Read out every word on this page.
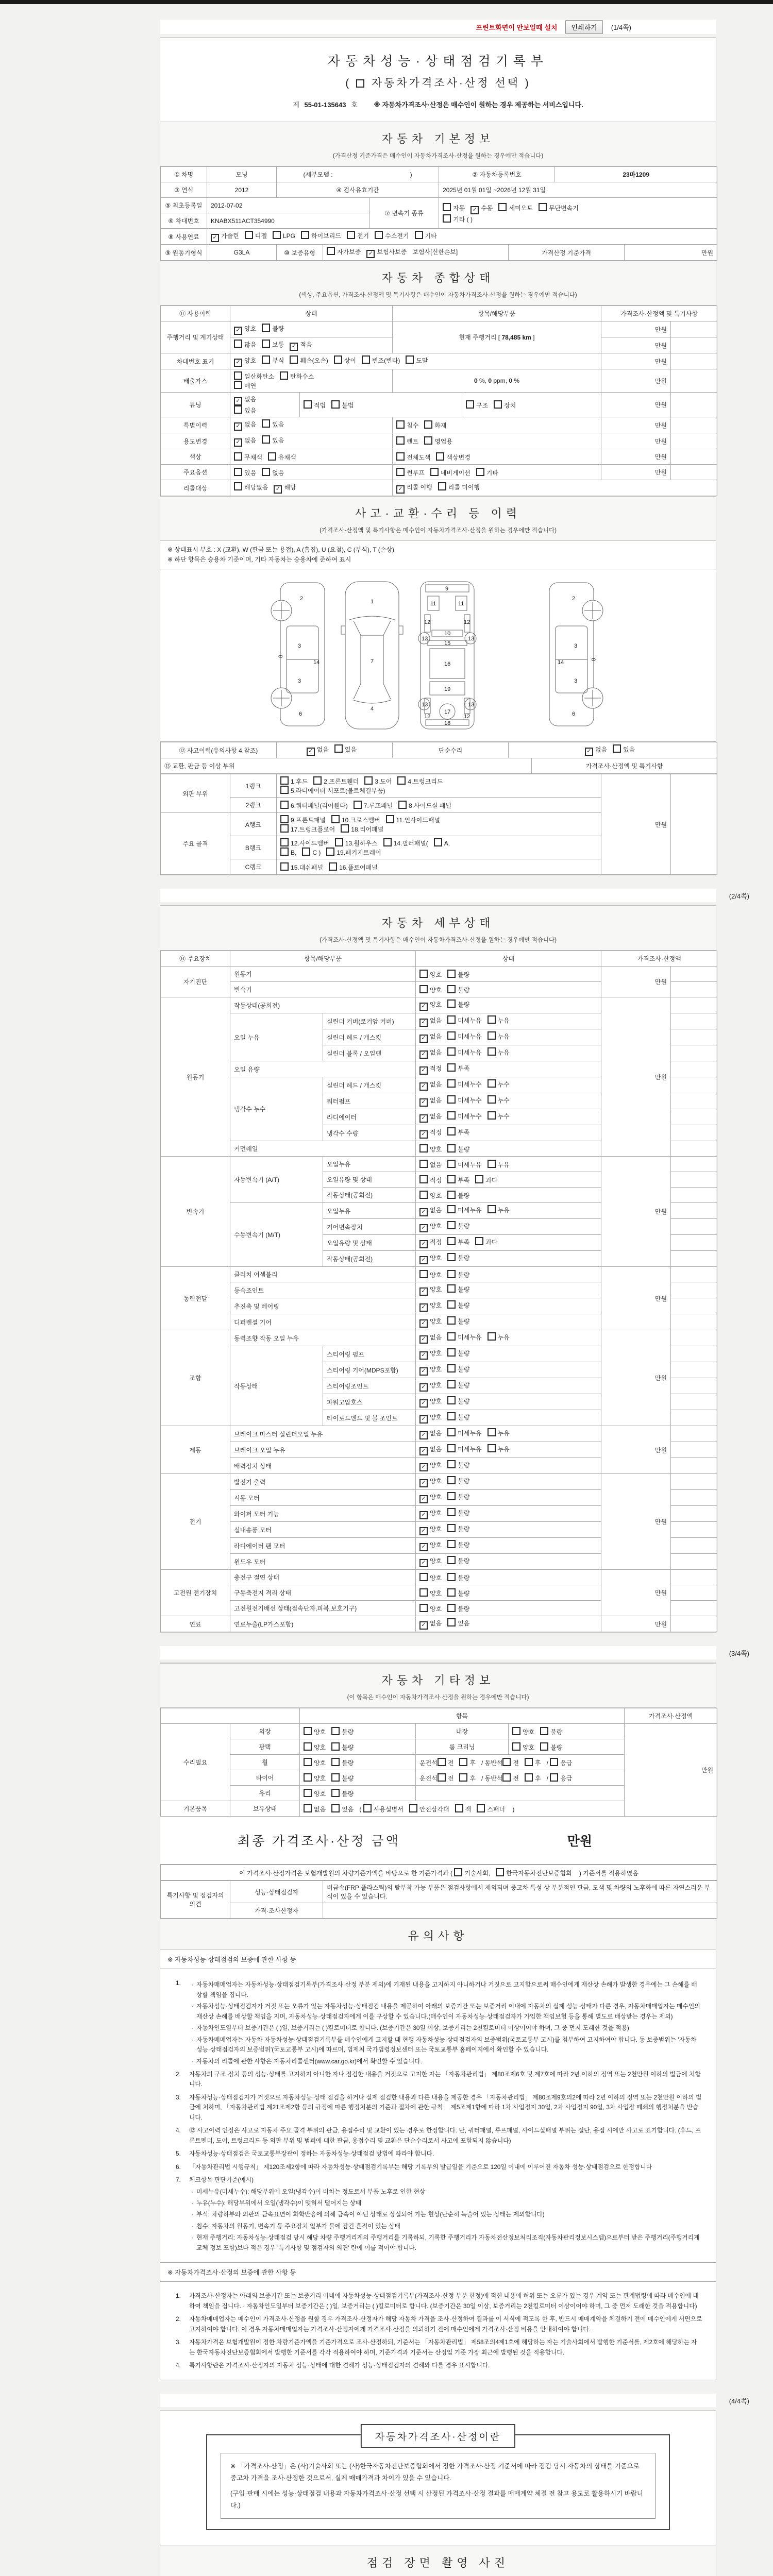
프린트화면이 안보일때 설치	인쇄하기	(1/4쪽)
자동차성능·상태점검기록부
( 자동차가격조사·산정 선택 )
제 55-01-135643 호 ※ 자동차가격조사·산정은 매수인이 원하는 경우 제공하는 서비스입니다.
자동차 기본정보
(가격산정 기준가격은 매수인이 자동차가격조사·산정을 원하는 경우에만 적습니다)
① 차명	모닝	(세부모델 : )			② 자동차등록번호		23마1209	
③ 연식	2012	④ 검사유효기간			2025년 01월 01일 ~2026년 12월 31일			
⑤ 최초등록일	2012-07-02			⑦ 변속기 종류	자동 ✓ 수동 세미오토 무단변속기
기타 ( )			
⑥ 차대번호	KNABX511ACT354990							
⑧ 사용연료	✓ 가솔린 디젤 LPG 하이브리드 전기 수소전기 기타							
⑨ 원동기형식	G3LA	⑩ 보증유형	자가보증 ✓ 보험사보증 보험사[신한손보]			가격산정 기준가격		만원
자동차 종합상태
(색상, 주요옵션, 가격조사·산정액 및 특기사항은 매수인이 자동차가격조사·산정을 원하는 경우에만 적습니다)
⑪ 사용이력	상태		항목/해당부품		가격조사·산정액 및 특기사항	
주행거리 및 계기상태	✓ 양호 불량		현재 주행거리 [ 78,485 km ]		만원	
	많음 보통 ✓ 적음				만원	
차대번호 표기	✓ 양호 부식 훼손(오손) 상이 변조(변타) 도말				만원	
배출가스	일산화탄소 탄화수소
매연		0 %, 0 ppm, 0 %		만원	
튜닝	✓ 없음
있음	적법 불법		구조 장치	만원	
특별이력	✓ 없음 있음		침수 화재		만원	
용도변경	✓ 없음 있음		렌트 영업용		만원	
색상	무채색 유채색		전체도색 색상변경		만원	
주요옵션	있음 없음		썬루프 네비게이션 기타		만원	
리콜대상	해당없음 ✓ 해당		✓ 리콜 이행 리콜 미이행			
사고·교환·수리 등 이력
(가격조사·산정액 및 특기사항은 매수인이 자동차가격조사·산정을 원하는 경우에만 적습니다)
※ 상태표시 부호 : X (교환), W (판금 또는 용접), A (흠집), U (요철), C (부식), T (손상)
※ 하단 항목은 승용차 기준이며, 기타 자동차는 승용차에 준하여 표시
2
3
3
8
14
6
1
7
4
9
11	11
12	12
13	13
10
15
16
19
13	13
12	12
17
18
2
3
3
8
14
6
⑫ 사고이력(유의사항 4.참조)	✓ 없음 있음	단순수리	✓ 없음 있음	
⑬ 교환, 판금 등 이상 부위				가격조사·산정액 및 특기사항
외판 부위	1랭크	1.후드 2.프론트휀더 3.도어 4.트렁크리드
5.라디에이터 서포트(볼트체결부품)	만원	
	2랭크	6.쿼터패널(리어휀다) 7.루프패널 8.사이드실 패널		
주요 골격	A랭크	9.프론트패널 10.크로스멤버 11.인사이드패널
17.트렁크플로어 18.리어패널		
	B랭크	12.사이드멤버 13.휠하우스 14.필러패널( A,
B, C ) 19.패키지트레이		
	C랭크	15.대쉬패널 16.플로어패널		
(2/4쪽)
자동차 세부상태
(가격조사·산정액 및 특기사항은 매수인이 자동차가격조사·산정을 원하는 경우에만 적습니다)
⑭ 주요장치	항목/해당부품		상태	가격조사·산정액	
자기진단	원동기		양호 불량	만원	
	변속기		양호 불량		
원동기	작동상태(공회전)		✓ 양호 불량	만원	
	오일 누유	실린더 커버(로커암 커버)	✓ 없음 미세누유 누유		
		실린더 헤드 / 개스킷	✓ 없음 미세누유 누유		
		실린더 블록 / 오일팬	✓ 없음 미세누유 누유		
	오일 유량		✓ 적정 부족		
	냉각수 누수	실린더 헤드 / 개스킷	✓ 없음 미세누수 누수		
		워터펌프	✓ 없음 미세누수 누수		
		라디에이터	✓ 없음 미세누수 누수		
		냉각수 수량	✓ 적정 부족		
	커먼레일		양호 불량		
변속기	자동변속기 (A/T)	오일누유	없음 미세누유 누유	만원	
		오일유량 및 상태	적정 부족 과다		
		작동상태(공회전)	양호 불량		
	수동변속기 (M/T)	오일누유	✓ 없음 미세누유 누유		
		기어변속장치	✓ 양호 불량		
		오일유량 및 상태	✓ 적정 부족 과다		
		작동상태(공회전)	✓ 양호 불량		
동력전달	클러치 어셈블리		양호 불량	만원	
	등속조인트		✓ 양호 불량		
	추진축 및 베어링		✓ 양호 불량		
	디퍼렌셜 기어		✓ 양호 불량		
조향	동력조향 작동 오일 누유		✓ 없음 미세누유 누유	만원	
	작동상태	스티어링 펌프	✓ 양호 불량		
		스티어링 기어(MDPS포함)	✓ 양호 불량		
		스티어링조인트	✓ 양호 불량		
		파워고압호스	✓ 양호 불량		
		타이로드엔드 및 볼 조인트	✓ 양호 불량		
제동	브레이크 마스터 실린더오일 누유		✓ 없음 미세누유 누유	만원	
	브레이크 오일 누유		✓ 없음 미세누유 누유		
	배력장치 상태		✓ 양호 불량		
전기	발전기 출력		✓ 양호 불량	만원	
	시동 모터		✓ 양호 불량		
	와이퍼 모터 기능		✓ 양호 불량		
	실내송풍 모터		✓ 양호 불량		
	라디에이터 팬 모터		✓ 양호 불량		
	윈도우 모터		✓ 양호 불량		
고전원 전기장치	충전구 절연 상태		양호 불량	만원	
	구동축전지 격리 상태		양호 불량		
	고전원전기배선 상태(접속단자,피복,보호기구)		양호 불량		
연료	연료누출(LP가스포함)		✓ 없음 있음	만원	
(3/4쪽)
자동차 기타정보
(이 항목은 매수인이 자동차가격조사·산정을 원하는 경우에만 적습니다)
		항목			가격조사·산정액
수리필요	외장	양호 불량	내장	양호 불량	만원
	광택	양호 불량	룸 크리닝	양호 불량	
	휠	양호 불량	운전석 전 후 / 동반석 전 후 / 응급		
	타이어	양호 불량	운전석 전 후 / 동반석 전 후 / 응급		
	유리	양호 불량			
기본품목	보유상태	없음 있음 ( 사용설명서 안전삼각대 잭 스패너 )			
최종 가격조사·산정 금액	만원
이 가격조사·산정가격은 보험개발원의 차량기준가액을 바탕으로 한 기준가격과 ( 기술사회,	한국자동차진단보증협회 ) 기준서를 적용하였음
특기사항 및 점검자의 의견	성능·상태점검자	비금속(FRP 플라스틱)의 탈부착 가능 부품은 점검사항에서 제외되며 중고차 특성 상 부분적인 판금, 도색 및 차량의 노후화에 따른 자연스러운 부식이 있을 수 있습니다.
	가격·조사산정자	
유의사항
※ 자동차성능·상태점검의 보증에 관한 사항 등
1.	· 자동차매매업자는 자동차성능·상태점검기록부(가격조사·산정 부분 제외)에 기재된 내용을 고지하지 아니하거나 거짓으로 고지함으로써 매수인에게 재산상 손해가 발생한 경우에는 그 손해를 배상할 책임을 집니다.
· 자동차성능·상태점검자가 거짓 또는 오류가 있는 자동차성능·상태점검 내용을 제공하여 아래의 보증기간 또는 보증거리 이내에 자동차의 실제 성능·상태가 다른 경우, 자동차매매업자는 매수인의 재산상 손해를 배상할 책임을 지며, 자동차성능·상태점검자에게 이를 구상할 수 있습니다.(매수인이 자동차성능·상태점검자가 가입한 책임보험 등을 통해 별도로 배상받는 경우는 제외)
· 자동차인도일부터 보증기간은 ( )일, 보증거리는 ( )킬로미터로 합니다. (보증기간은 30일 이상, 보증거리는 2천킬로미터 이상이어야 하며, 그 중 먼저 도래한 것을 적용)
· 자동차매매업자는 자동차 자동차성능·상태점검기록부를 매수인에게 고지할 때 현행 자동차성능·상태점검자의 보증범위(국토교통부 고시)를 첨부하여 고지하여야 합니다. 동 보증범위는 '자동차성능·상태점검자의 보증범위'(국토교통부 고시)에 따르며, 법제처 국가법령정보센터 또는 국토교통부 홈페이지에서 확인할 수 있습니다.
· 자동차의 리콜에 관한 사항은 자동차리콜센터(www.car.go.kr)에서 확인할 수 있습니다.
2.	자동차의 구조·장치 등의 성능·상태를 고지하지 아니한 자나 점검한 내용을 거짓으로 고지한 자는 「자동차관리법」 제80조제6호 및 제7호에 따라 2년 이하의 징역 또는 2천만원 이하의 벌금에 처합니다.
3.	자동차성능·상태점검자가 거짓으로 자동차성능·상태 점검을 하거나 실제 점검한 내용과 다른 내용을 제공한 경우 「자동차관리법」 제80조제9호의2에 따라 2년 이하의 징역 또는 2천만원 이하의 벌금에 처하며, 「자동차관리법 제21조제2항 등의 규정에 따른 행정처분의 기준과 절차에 관한 규칙」 제5조제1항에 따라 1차 사업정지 30일, 2차 사업정지 90일, 3차 사업장 폐쇄의 행정처분을 받습니다.
4.	⑫ 사고이력 인정은 사고로 자동차 주요 골격 부위의 판금, 용접수리 및 교환이 있는 경우로 한정합니다. 단, 쿼터패널, 루프패널, 사이드실패널 부위는 절단, 용접 시에만 사고로 표기합니다. (후드, 프론트펜더, 도어, 트렁크리드 등 외판 부위 및 범퍼에 대한 판금, 용접수리 및 교환은 단순수리로서 사고에 포함되지 않습니다)
5.	자동차성능·상태점검은 국토교통부장관이 정하는 자동차성능·상태점검 방법에 따라야 합니다.
6.	「자동차관리법 시행규칙」 제120조제2항에 따라 자동차성능·상태점검기록부는 해당 기록부의 발급일을 기준으로 120일 이내에 이루어진 자동차 성능·상태점검으로 한정합니다
7.	체크항목 판단기준(예시)
· 미세누유(미세누수): 해당부위에 오일(냉각수)이 비치는 정도로서 부품 노후로 인한 현상
· 누유(누수): 해당부위에서 오일(냉각수)이 맺혀서 떨어지는 상태
· 부식: 차량하부와 외판의 금속표면이 화학반응에 의해 금속이 아닌 상태로 상실되어 가는 현상(단순히 녹슬어 있는 상태는 제외합니다)
· 침수: 자동차의 원동기, 변속기 등 주요장치 일부가 물에 잠긴 흔적이 있는 상태
· 현재 주행거리: 자동차성능·상태점검 당시 해당 차량 주행거리계의 주행거리를 기록하되, 기록한 주행거리가 자동차전산정보처리조직(자동차관리정보시스템)으로부터 받은 주행거리(주행거리계 교체 정보 포함)보다 적은 경우 '특기사항 및 점검자의 의견' 란에 이를 적어야 합니다.
※ 자동차가격조사·산정의 보증에 관한 사항 등
1.	가격조사·산정자는 아래의 보증기간 또는 보증거리 이내에 자동차성능·상태점검기록부(가격조사·산정 부분 한정)에 적힌 내용에 허위 또는 오류가 있는 경우 계약 또는 관계법령에 따라 매수인에 대하여 책임을 집니다. · 자동차인도일부터 보증기간은 ( )일, 보증거리는 ( )킬로미터로 합니다. (보증기간은 30일 이상, 보증거리는 2천킬로미터 이상이어야 하며, 그 중 먼저 도래한 것을 적용합니다)
2.	자동차매매업자는 매수인이 가격조사·산정을 원할 경우 가격조사·산정자가 해당 자동차 가격을 조사·산정하여 결과를 이 서식에 적도록 한 후, 반드시 매매계약을 체결하기 전에 매수인에게 서면으로 고지하여야 합니다. 이 경우 자동차매매업자는 가격조사·산정자에게 가격조사·산정을 의뢰하기 전에 매수인에게 가격조사·산정 비용을 안내하여야 합니다.
3.	자동차가격은 보험개발원이 정한 차량기준가액을 기준가격으로 조사·산정하되, 기준서는 「자동차관리법」 제58조의4제1호에 해당하는 자는 기술사회에서 발행한 기준서를, 제2호에 해당하는 자는 한국자동차진단보증협회에서 발행한 기준서를 각각 적용하여야 하며, 기준가격과 기준서는 산정일 기준 가장 최근에 발행된 것을 적용합니다.
4.	특기사항란은 가격조사·산정자의 자동차 성능·상태에 대한 견해가 성능·상태점검자의 견해와 다를 경우 표시합니다.
(4/4쪽)
자동차가격조사·산정이란
※ 「가격조사·산정」은 (사)기술사회 또는 (사)한국자동차진단보증협회에서 정한 가격조사·산정 기준서에 따라 점검 당시 자동차의 상태를 기준으로 중고차 가격을 조사·산정한 것으로서, 실제 매매가격과 차이가 있을 수 있습니다.
(구입·판매 시에는 성능·상태점검 내용과 자동차가격조사·산정 선택 시 산정된 가격조사·산정 결과를 매매계약 체결 전 참고 용도로 활용하시기 바랍니다.)
점검 장면 촬영 사진
